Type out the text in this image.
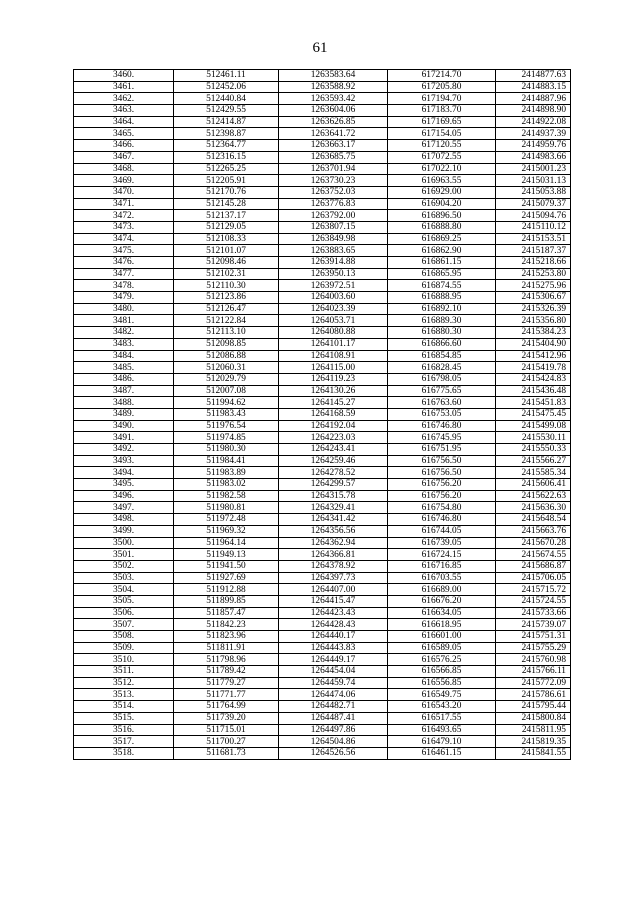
61
3460.	512461.11	1263583.64	617214.70	2414877.63
3461.	512452.06	1263588.92	617205.80	2414883.15
3462.	512440.84	1263593.42	617194.70	2414887.96
3463.	512429.55	1263604.06	617183.70	2414898.90
3464.	512414.87	1263626.85	617169.65	2414922.08
3465.	512398.87	1263641.72	617154.05	2414937.39
3466.	512364.77	1263663.17	617120.55	2414959.76
3467.	512316.15	1263685.75	617072.55	2414983.66
3468.	512265.25	1263701.94	617022.10	2415001.23
3469.	512205.91	1263730.23	616963.55	2415031.13
3470.	512170.76	1263752.03	616929.00	2415053.88
3471.	512145.28	1263776.83	616904.20	2415079.37
3472.	512137.17	1263792.00	616896.50	2415094.76
3473.	512129.05	1263807.15	616888.80	2415110.12
3474.	512108.33	1263849.98	616869.25	2415153.51
3475.	512101.07	1263883.65	616862.90	2415187.37
3476.	512098.46	1263914.88	616861.15	2415218.66
3477.	512102.31	1263950.13	616865.95	2415253.80
3478.	512110.30	1263972.51	616874.55	2415275.96
3479.	512123.86	1264003.60	616888.95	2415306.67
3480.	512126.47	1264023.39	616892.10	2415326.39
3481.	512122.84	1264053.71	616889.30	2415356.80
3482.	512113.10	1264080.88	616880.30	2415384.23
3483.	512098.85	1264101.17	616866.60	2415404.90
3484.	512086.88	1264108.91	616854.85	2415412.96
3485.	512060.31	1264115.00	616828.45	2415419.78
3486.	512029.79	1264119.23	616798.05	2415424.83
3487.	512007.08	1264130.26	616775.65	2415436.48
3488.	511994.62	1264145.27	616763.60	2415451.83
3489.	511983.43	1264168.59	616753.05	2415475.45
3490.	511976.54	1264192.04	616746.80	2415499.08
3491.	511974.85	1264223.03	616745.95	2415530.11
3492.	511980.30	1264243.41	616751.95	2415550.33
3493.	511984.41	1264259.46	616756.50	2415566.27
3494.	511983.89	1264278.52	616756.50	2415585.34
3495.	511983.02	1264299.57	616756.20	2415606.41
3496.	511982.58	1264315.78	616756.20	2415622.63
3497.	511980.81	1264329.41	616754.80	2415636.30
3498.	511972.48	1264341.42	616746.80	2415648.54
3499.	511969.32	1264356.56	616744.05	2415663.76
3500.	511964.14	1264362.94	616739.05	2415670.28
3501.	511949.13	1264366.81	616724.15	2415674.55
3502.	511941.50	1264378.92	616716.85	2415686.87
3503.	511927.69	1264397.73	616703.55	2415706.05
3504.	511912.88	1264407.00	616689.00	2415715.72
3505.	511899.85	1264415.47	616676.20	2415724.55
3506.	511857.47	1264423.43	616634.05	2415733.66
3507.	511842.23	1264428.43	616618.95	2415739.07
3508.	511823.96	1264440.17	616601.00	2415751.31
3509.	511811.91	1264443.83	616589.05	2415755.29
3510.	511798.96	1264449.17	616576.25	2415760.98
3511.	511789.42	1264454.04	616566.85	2415766.11
3512.	511779.27	1264459.74	616556.85	2415772.09
3513.	511771.77	1264474.06	616549.75	2415786.61
3514.	511764.99	1264482.71	616543.20	2415795.44
3515.	511739.20	1264487.41	616517.55	2415800.84
3516.	511715.01	1264497.86	616493.65	2415811.95
3517.	511700.27	1264504.86	616479.10	2415819.35
3518.	511681.73	1264526.56	616461.15	2415841.55
